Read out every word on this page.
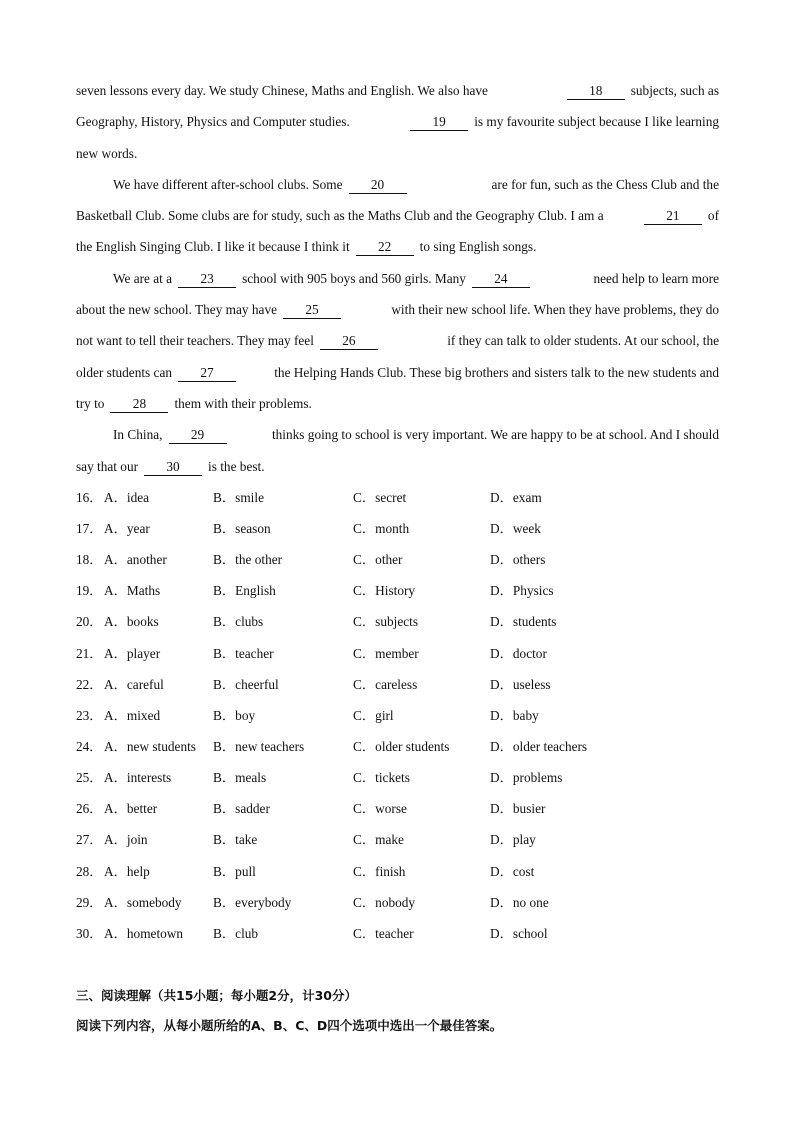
seven lessons every day. We study Chinese, Maths and English. We also have	18 subjects, such as
Geography, History, Physics and Computer studies.	19 is my favourite subject because I like learning
new words.
We have different after-school clubs. Some 20	are for fun, such as the Chess Club and the
Basketball Club. Some clubs are for study, such as the Maths Club and the Geography Club. I am a	21 of
the English Singing Club. I like it because I think it 22 to sing English songs.
We are at a 23 school with 905 boys and 560 girls. Many 24	need help to learn more
about the new school. They may have 25	with their new school life. When they have problems, they do
not want to tell their teachers. They may feel 26	if they can talk to older students. At our school, the
older students can 27	the Helping Hands Club. These big brothers and sisters talk to the new students and
try to 28 them with their problems.
In China, 29	thinks going to school is very important. We are happy to be at school. And I should
say that our 30 is the best.
16． A．idea	B．smile	C．secret	D．exam
17． A．year	B．season	C．month	D．week
18． A．another	B．the other	C．other	D．others
19． A．Maths	B．English	C．History	D．Physics
20． A．books	B．clubs	C．subjects	D．students
21． A．player	B．teacher	C．member	D．doctor
22． A．careful	B．cheerful	C．careless	D．useless
23． A．mixed	B．boy	C．girl	D．baby
24． A．new students B．new teachers	C．older students	D．older teachers
25． A．interests	B．meals	C．tickets	D．problems
26． A．better	B．sadder	C．worse	D．busier
27． A．join	B．take	C．make	D．play
28． A．help	B．pull	C．finish	D．cost
29． A．somebody B．everybody	C．nobody	D．no one
30． A．hometown B．club	C．teacher	D．school
三、阅读理解（共15小题；每小题2分，计30分）
阅读下列内容，从每小题所给的A、B、C、D四个选项中选出一个最佳答案。
